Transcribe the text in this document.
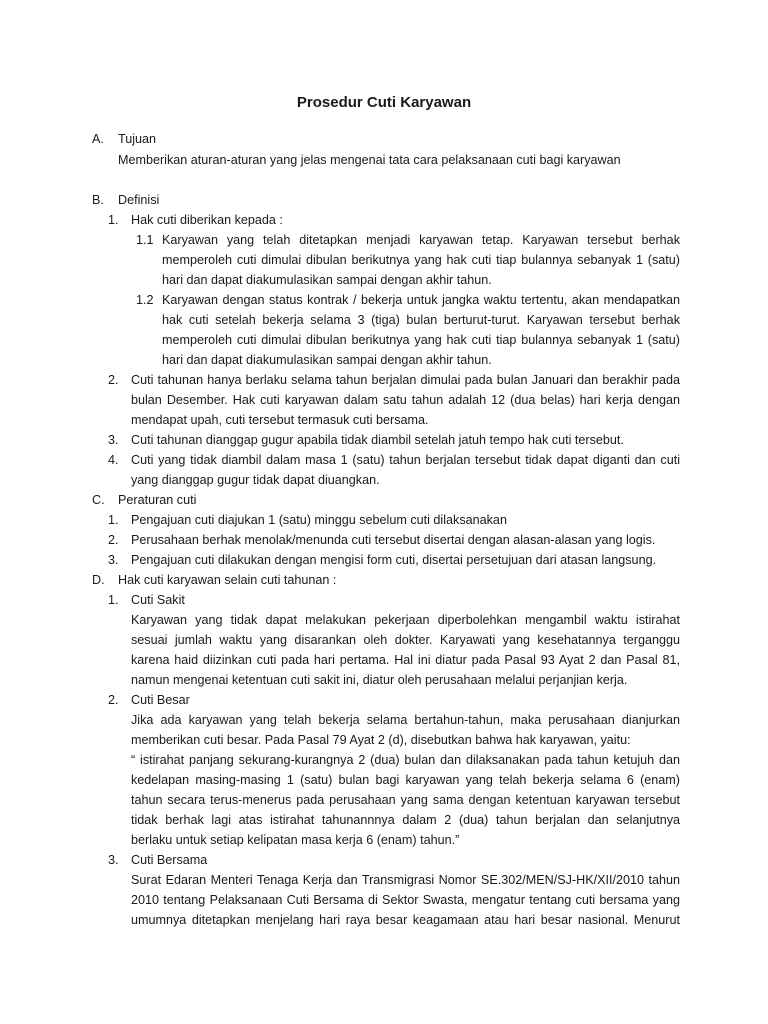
Prosedur Cuti Karyawan
A. Tujuan
Memberikan aturan-aturan yang jelas mengenai tata cara pelaksanaan cuti bagi karyawan
B. Definisi
1. Hak cuti diberikan kepada :
1.1 Karyawan yang telah ditetapkan menjadi karyawan tetap. Karyawan tersebut berhak
memperoleh cuti dimulai dibulan berikutnya yang hak cuti tiap bulannya sebanyak 1 (satu)
hari dan dapat diakumulasikan sampai dengan akhir tahun.
1.2 Karyawan dengan status kontrak / bekerja untuk jangka waktu tertentu, akan mendapatkan
hak cuti setelah bekerja selama 3 (tiga) bulan berturut-turut. Karyawan tersebut berhak
memperoleh cuti dimulai dibulan berikutnya yang hak cuti tiap bulannya sebanyak 1 (satu)
hari dan dapat diakumulasikan sampai dengan akhir tahun.
2. Cuti tahunan hanya berlaku selama tahun berjalan dimulai pada bulan Januari dan berakhir pada
bulan Desember. Hak cuti karyawan dalam satu tahun adalah 12 (dua belas) hari kerja dengan
mendapat upah, cuti tersebut termasuk cuti bersama.
3. Cuti tahunan dianggap gugur apabila tidak diambil setelah jatuh tempo hak cuti tersebut.
4. Cuti yang tidak diambil dalam masa 1 (satu) tahun berjalan tersebut tidak dapat diganti dan cuti
yang dianggap gugur tidak dapat diuangkan.
C. Peraturan cuti
1. Pengajuan cuti diajukan 1 (satu) minggu sebelum cuti dilaksanakan
2. Perusahaan berhak menolak/menunda cuti tersebut disertai dengan alasan-alasan yang logis.
3. Pengajuan cuti dilakukan dengan mengisi form cuti, disertai persetujuan dari atasan langsung.
D. Hak cuti karyawan selain cuti tahunan :
1. Cuti Sakit
Karyawan yang tidak dapat melakukan pekerjaan diperbolehkan mengambil waktu istirahat
sesuai jumlah waktu yang disarankan oleh dokter. Karyawati yang kesehatannya terganggu
karena haid diizinkan cuti pada hari pertama. Hal ini diatur pada Pasal 93 Ayat 2 dan Pasal 81,
namun mengenai ketentuan cuti sakit ini, diatur oleh perusahaan melalui perjanjian kerja.
2. Cuti Besar
Jika ada karyawan yang telah bekerja selama bertahun-tahun, maka perusahaan dianjurkan
memberikan cuti besar. Pada Pasal 79 Ayat 2 (d), disebutkan bahwa hak karyawan, yaitu:
“ istirahat panjang sekurang-kurangnya 2 (dua) bulan dan dilaksanakan pada tahun ketujuh dan
kedelapan masing-masing 1 (satu) bulan bagi karyawan yang telah bekerja selama 6 (enam)
tahun secara terus-menerus pada perusahaan yang sama dengan ketentuan karyawan tersebut
tidak berhak lagi atas istirahat tahunannnya dalam 2 (dua) tahun berjalan dan selanjutnya
berlaku untuk setiap kelipatan masa kerja 6 (enam) tahun.”
3. Cuti Bersama
Surat Edaran Menteri Tenaga Kerja dan Transmigrasi Nomor SE.302/MEN/SJ-HK/XII/2010 tahun
2010 tentang Pelaksanaan Cuti Bersama di Sektor Swasta, mengatur tentang cuti bersama yang
umumnya ditetapkan menjelang hari raya besar keagamaan atau hari besar nasional. Menurut
